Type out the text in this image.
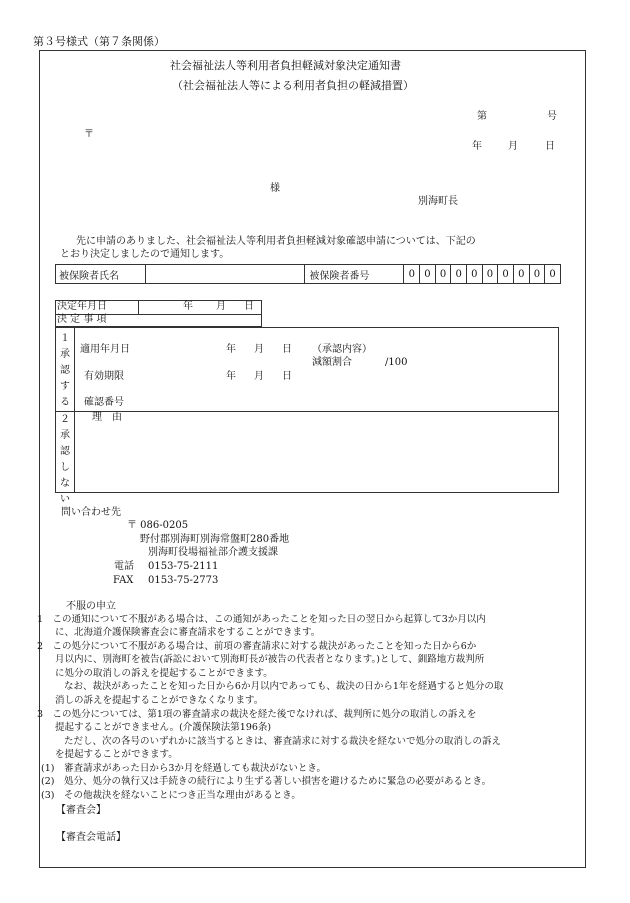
第３号様式（第７条関係）
社会福祉法人等利用者負担軽減対象決定通知書
（社会福祉法人等による利用者負担の軽減措置）
第	号
〒
年	月	日
様
別海町長
先に申請のありました、社会福祉法人等利用者負担軽減対象確認申請については、下記の
とおり決定しましたので通知します。
被保険者氏名		被保険者番号	0	0	0	0	0	0	0	0	0	0
決定年月日	年 月 日
決 定 事 項
１承認する
適用年月日	年 月 日 （承認内容）
減額割合	/100
有効期限	年 月 日
確認番号
２承認しない
理　由
問い合わせ先
〒 086-0205
野付郡別海町別海常盤町280番地
別海町役場福祉部介護支援課
電話 0153-75-2111
FAX 0153-75-2773
不服の申立
1　この通知について不服がある場合は、この通知があったことを知った日の翌日から起算して3か月以内
に、北海道介護保険審査会に審査請求をすることができます。
2　この処分について不服がある場合は、前項の審査請求に対する裁決があったことを知った日から6か
月以内に、別海町を被告(訴訟において別海町長が被告の代表者となります。)として、釧路地方裁判所
に処分の取消しの訴えを提起することができます。
なお、裁決があったことを知った日から6か月以内であっても、裁決の日から1年を経過すると処分の取
消しの訴えを提起することができなくなります。
3　この処分については、第1項の審査請求の裁決を経た後でなければ、裁判所に処分の取消しの訴えを
提起することができません。(介護保険法第196条)
ただし、次の各号のいずれかに該当するときは、審査請求に対する裁決を経ないで処分の取消しの訴え
を提起することができます。
(1)　審査請求があった日から3か月を経過しても裁決がないとき。
(2)　処分、処分の執行又は手続きの続行により生ずる著しい損害を避けるために緊急の必要があるとき。
(3)　その他裁決を経ないことにつき正当な理由があるとき。
【審査会】
【審査会電話】
